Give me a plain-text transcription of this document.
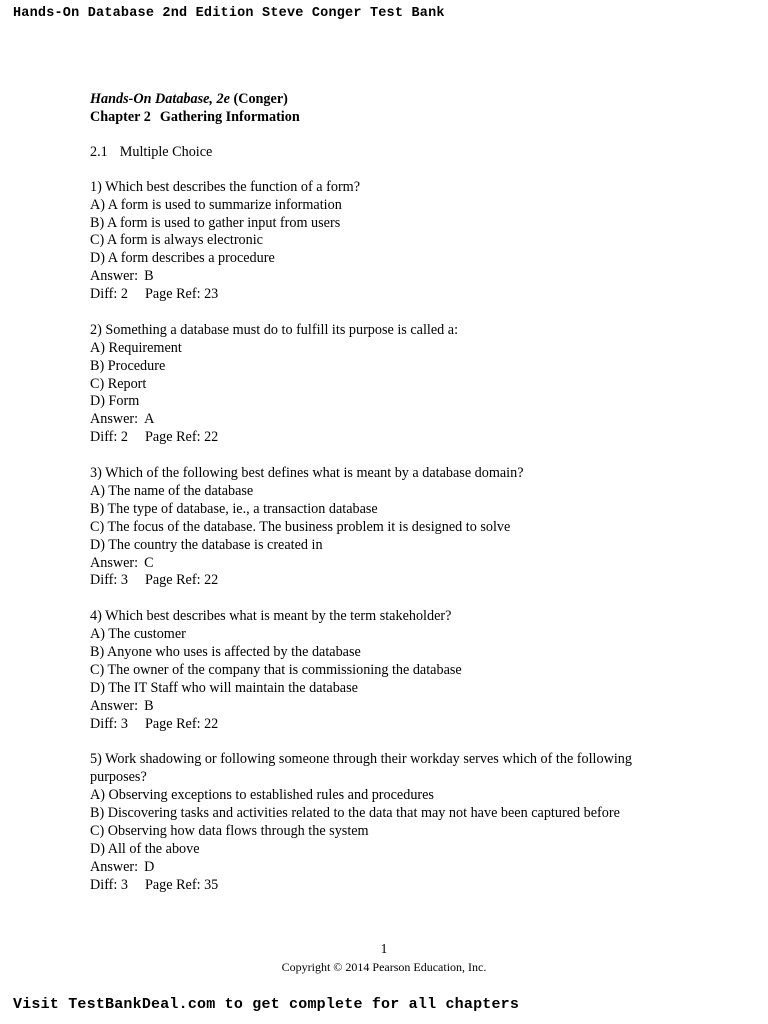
Hands-On Database 2nd Edition Steve Conger Test Bank
Hands-On Database, 2e (Conger)
Chapter 2 Gathering Information
2.1 Multiple Choice
1) Which best describes the function of a form?
A) A form is used to summarize information
B) A form is used to gather input from users
C) A form is always electronic
D) A form describes a procedure
Answer: B
Diff: 2 Page Ref: 23
2) Something a database must do to fulfill its purpose is called a:
A) Requirement
B) Procedure
C) Report
D) Form
Answer: A
Diff: 2 Page Ref: 22
3) Which of the following best defines what is meant by a database domain?
A) The name of the database
B) The type of database, ie., a transaction database
C) The focus of the database. The business problem it is designed to solve
D) The country the database is created in
Answer: C
Diff: 3 Page Ref: 22
4) Which best describes what is meant by the term stakeholder?
A) The customer
B) Anyone who uses is affected by the database
C) The owner of the company that is commissioning the database
D) The IT Staff who will maintain the database
Answer: B
Diff: 3 Page Ref: 22
5) Work shadowing or following someone through their workday serves which of the following purposes?
A) Observing exceptions to established rules and procedures
B) Discovering tasks and activities related to the data that may not have been captured before
C) Observing how data flows through the system
D) All of the above
Answer: D
Diff: 3 Page Ref: 35
1
Copyright © 2014 Pearson Education, Inc.
Visit TestBankDeal.com to get complete for all chapters
